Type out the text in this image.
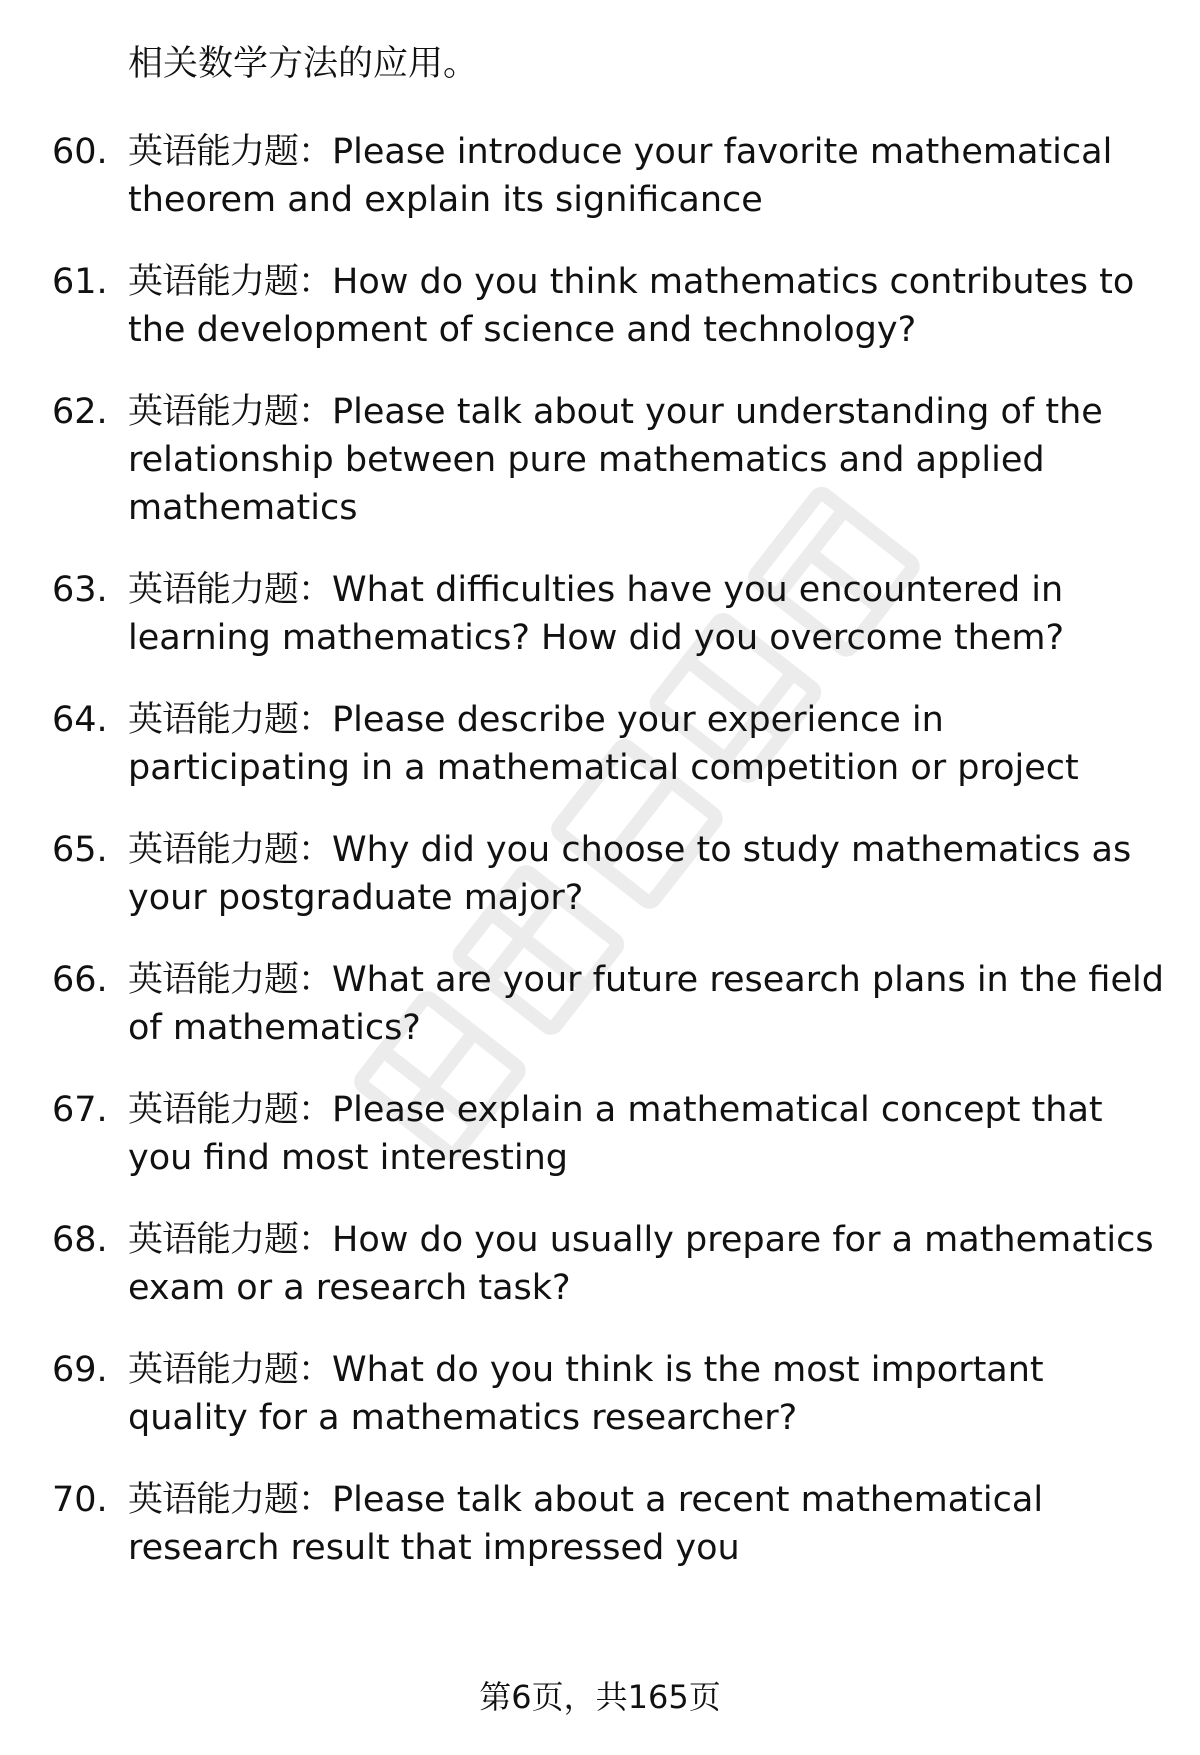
相关数学方法的应用。
60. 英语能力题：Please introduce your favorite mathematical theorem and explain its significance
61. 英语能力题：How do you think mathematics contributes to the development of science and technology?
62. 英语能力题：Please talk about your understanding of the relationship between pure mathematics and applied mathematics
63. 英语能力题：What difficulties have you encountered in learning mathematics? How did you overcome them?
64. 英语能力题：Please describe your experience in participating in a mathematical competition or project
65. 英语能力题：Why did you choose to study mathematics as your postgraduate major?
66. 英语能力题：What are your future research plans in the field of mathematics?
67. 英语能力题：Please explain a mathematical concept that you find most interesting
68. 英语能力题：How do you usually prepare for a mathematics exam or a research task?
69. 英语能力题：What do you think is the most important quality for a mathematics researcher?
70. 英语能力题：Please talk about a recent mathematical research result that impressed you
第6页，共165页
